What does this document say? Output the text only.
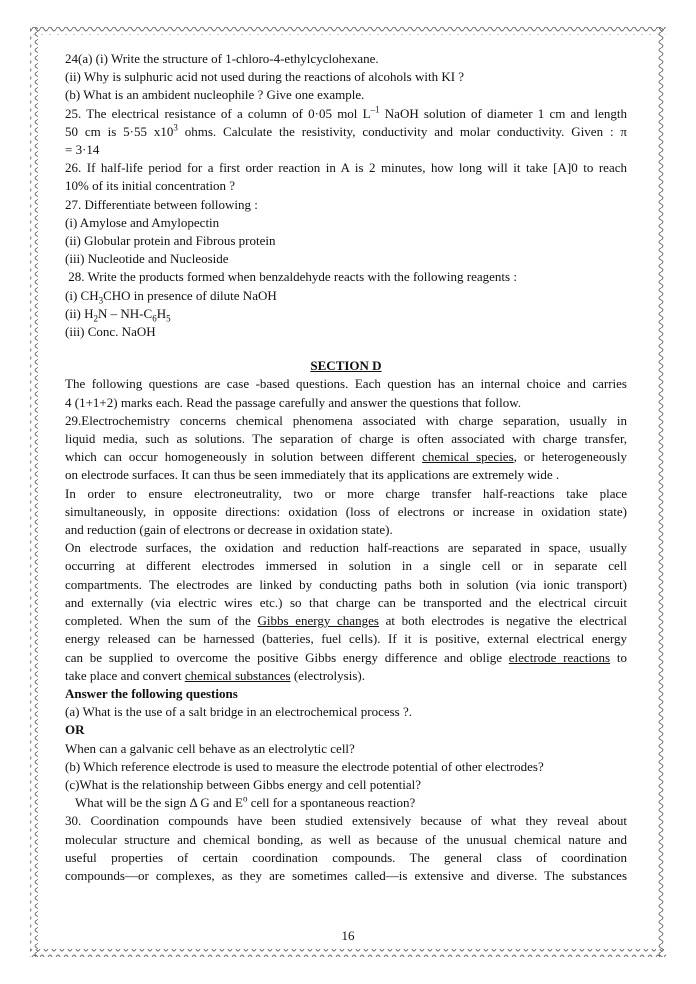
24(a) (i) Write the structure of 1-chloro-4-ethylcyclohexane.
(ii) Why is sulphuric acid not used during the reactions of alcohols with KI ?
(b) What is an ambident nucleophile ? Give one example.
25. The electrical resistance of a column of 0·05 mol $L^{-1}$ NaOH solution of diameter 1 cm and length
50 cm is 5·55 $x10^3$ ohms. Calculate the resistivity, conductivity and molar conductivity. Given : π
= 3·14
26. If half-life period for a first order reaction in A is 2 minutes, how long will it take [A]0 to reach
10% of its initial concentration ?
27. Differentiate between following :
(i) Amylose and Amylopectin
(ii) Globular protein and Fibrous protein
(iii) Nucleotide and Nucleoside
28. Write the products formed when benzaldehyde reacts with the following reagents :
(i) $CH_3CHO$ in presence of dilute NaOH
(ii) $H_2N - NH-C_6H_5$
(iii) Conc. NaOH
SECTION D
The following questions are case -based questions. Each question has an internal choice and carries
4 (1+1+2) marks each. Read the passage carefully and answer the questions that follow.
29.Electrochemistry concerns chemical phenomena associated with charge separation, usually in
liquid media, such as solutions. The separation of charge is often associated with charge transfer,
which can occur homogeneously in solution between different chemical species, or heterogeneously
on electrode surfaces. It can thus be seen immediately that its applications are extremely wide .
In order to ensure electroneutrality, two or more charge transfer half-reactions take place
simultaneously, in opposite directions: oxidation (loss of electrons or increase in oxidation state)
and reduction (gain of electrons or decrease in oxidation state).
On electrode surfaces, the oxidation and reduction half-reactions are separated in space, usually
occurring at different electrodes immersed in solution in a single cell or in separate cell
compartments. The electrodes are linked by conducting paths both in solution (via ionic transport)
and externally (via electric wires etc.) so that charge can be transported and the electrical circuit
completed. When the sum of the Gibbs energy changes at both electrodes is negative the electrical
energy released can be harnessed (batteries, fuel cells). If it is positive, external electrical energy
can be supplied to overcome the positive Gibbs energy difference and oblige electrode reactions to
take place and convert chemical substances (electrolysis).
Answer the following questions
(a) What is the use of a salt bridge in an electrochemical process ?.
OR
When can a galvanic cell behave as an electrolytic cell?
(b) Which reference electrode is used to measure the electrode potential of other electrodes?
(c)What is the relationship between Gibbs energy and cell potential?
What will be the sign Δ G and $E^o$ cell for a spontaneous reaction?
30. Coordination compounds have been studied extensively because of what they reveal about
molecular structure and chemical bonding, as well as because of the unusual chemical nature and
useful properties of certain coordination compounds. The general class of coordination
compounds—or complexes, as they are sometimes called—is extensive and diverse. The substances
16
